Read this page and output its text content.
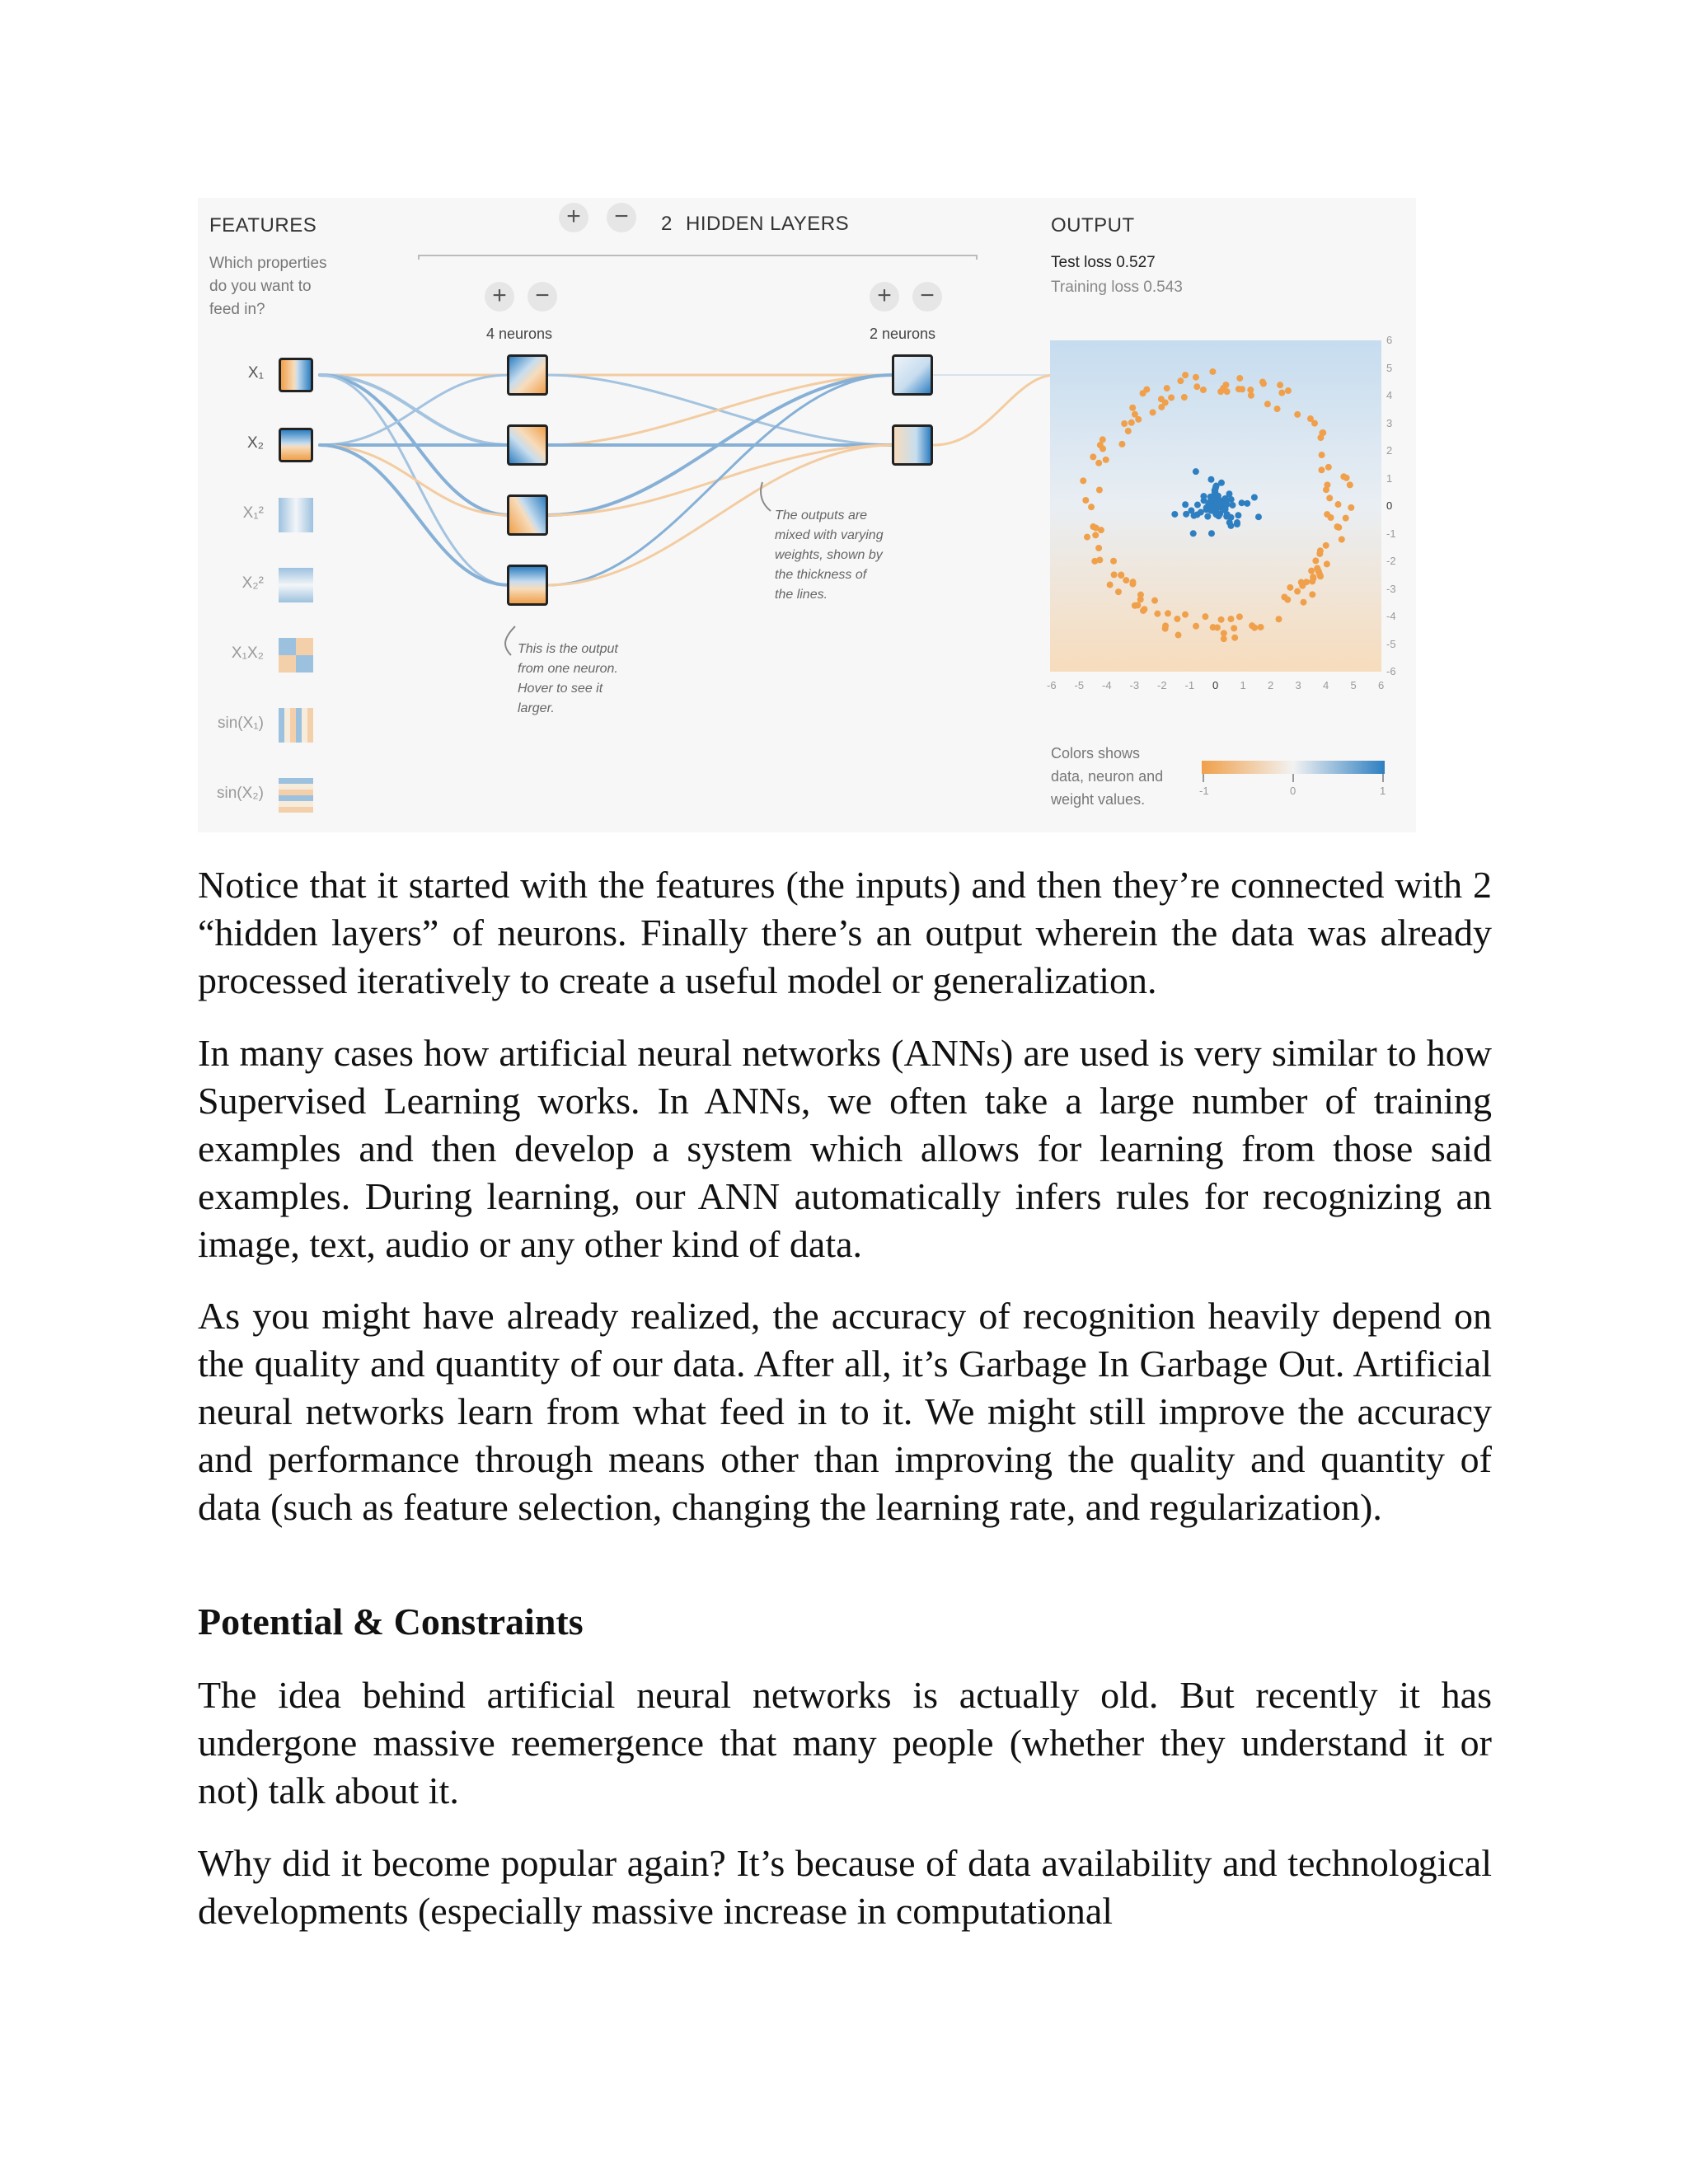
FEATURES
Which properties
do you want to
feed in?
+	−	2 HIDDEN LAYERS
+	−
4 neurons
+	−
2 neurons
OUTPUT
Test loss 0.527
Training loss 0.543
X₁
X₂
X₁²
X₂²
X₁X₂
sin(X₁)
sin(X₂)
This is the output
from one neuron.
Hover to see it
larger.
The outputs are
mixed with varying
weights, shown by
the thickness of
the lines.
6
5
4
3
2
1
0
-1
-2
-3
-4
-5
-6
-6 -5 -4 -3 -2 -1 0 1 2 3 4 5 6
Colors shows
data, neuron and
weight values.
-1	0	1

Notice that it started with the features (the inputs) and then they’re connected with 2 “hidden layers” of neurons. Finally there’s an output wherein the data was already processed iteratively to create a useful model or generalization.

In many cases how artificial neural networks (ANNs) are used is very similar to how Supervised Learning works. In ANNs, we often take a large number of training examples and then develop a system which allows for learning from those said examples. During learning, our ANN automatically infers rules for recognizing an image, text, audio or any other kind of data.

As you might have already realized, the accuracy of recognition heavily depend on the quality and quantity of our data. After all, it’s Garbage In Garbage Out. Artificial neural networks learn from what feed in to it. We might still improve the accuracy and performance through means other than improving the quality and quantity of data (such as feature selection, changing the learning rate, and regularization).

Potential & Constraints

The idea behind artificial neural networks is actually old. But recently it has undergone massive reemergence that many people (whether they understand it or not) talk about it.

Why did it become popular again? It’s because of data availability and technological developments (especially massive increase in computational
